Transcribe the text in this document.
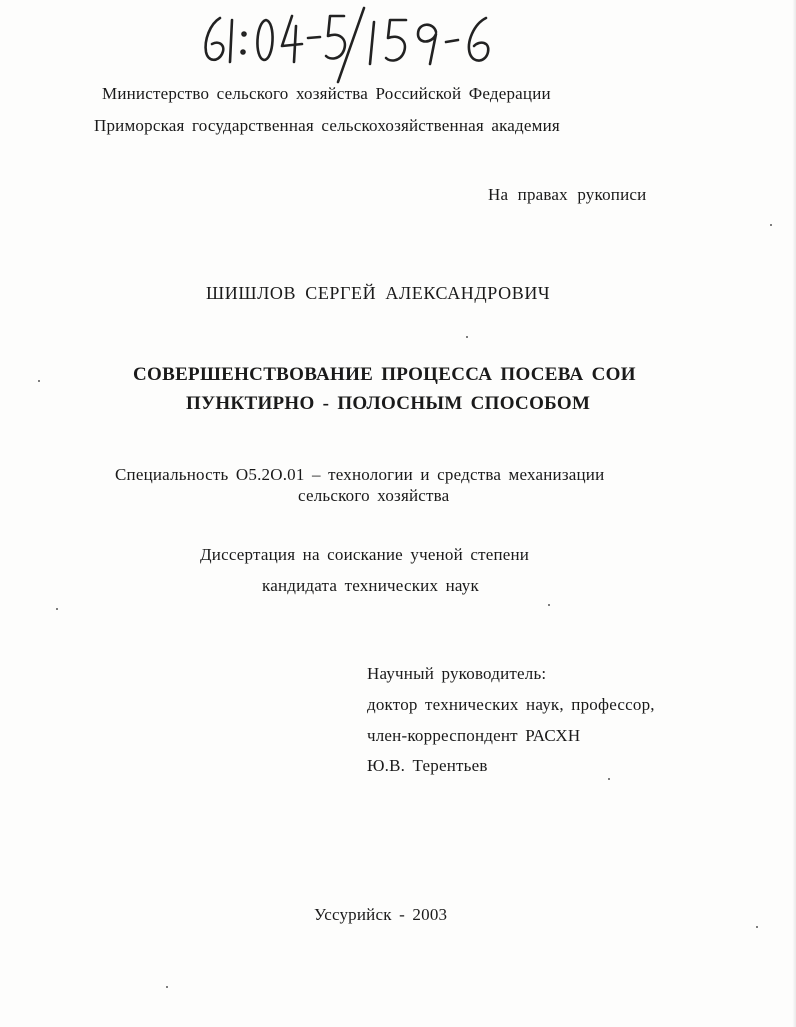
Министерство сельского хозяйства Российской Федерации
Приморская государственная сельскохозяйственная академия
На правах рукописи
ШИШЛОВ СЕРГЕЙ АЛЕКСАНДРОВИЧ
СОВЕРШЕНСТВОВАНИЕ ПРОЦЕССА ПОСЕВА СОИ
ПУНКТИРНО - ПОЛОСНЫМ СПОСОБОМ
Специальность О5.2О.01 – технологии и средства механизации
сельского хозяйства
Диссертация на соискание ученой степени
кандидата технических наук
Научный руководитель:
доктор технических наук, профессор,
член-корреспондент РАСХН
Ю.В. Терентьев
Уссурийск - 2003
